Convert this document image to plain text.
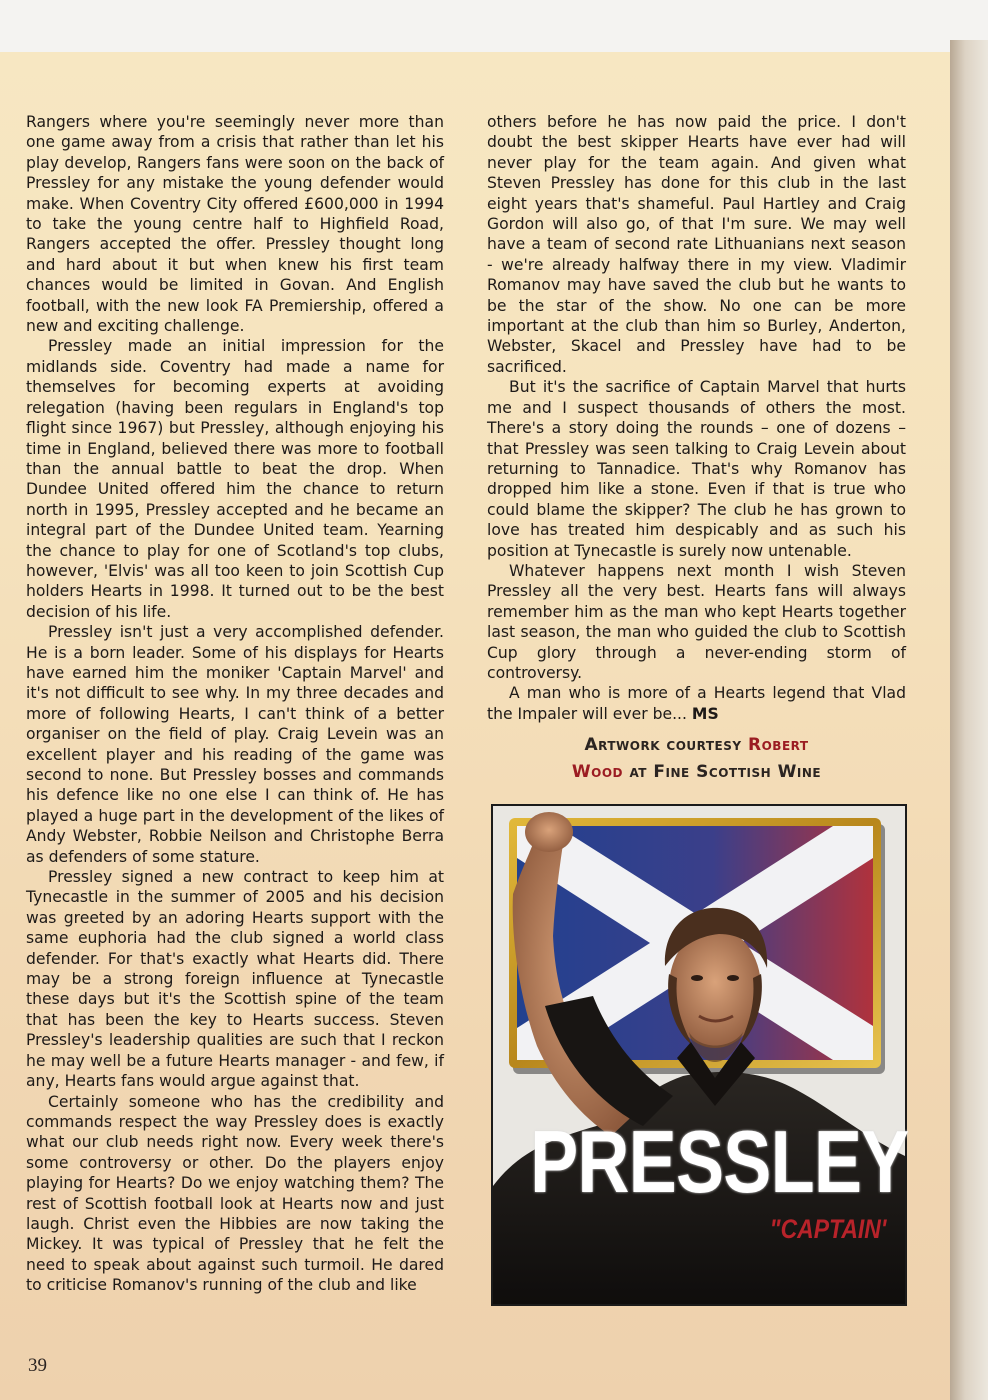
Rangers where you're seemingly never more than one game away from a crisis that rather than let his play develop, Rangers fans were soon on the back of Pressley for any mistake the young defender would make. When Coventry City offered £600,000 in 1994 to take the young centre half to Highfield Road, Rangers accepted the offer. Pressley thought long and hard about it but when knew his first team chances would be limited in Govan. And English football, with the new look FA Premiership, offered a new and exciting challenge.

Pressley made an initial impression for the midlands side. Coventry had made a name for themselves for becoming experts at avoiding relegation (having been regulars in England's top flight since 1967) but Pressley, although enjoying his time in England, believed there was more to football than the annual battle to beat the drop. When Dundee United offered him the chance to return north in 1995, Pressley accepted and he became an integral part of the Dundee United team. Yearning the chance to play for one of Scotland's top clubs, however, 'Elvis' was all too keen to join Scottish Cup holders Hearts in 1998. It turned out to be the best decision of his life.

Pressley isn't just a very accomplished defender. He is a born leader. Some of his displays for Hearts have earned him the moniker 'Captain Marvel' and it's not difficult to see why. In my three decades and more of following Hearts, I can't think of a better organiser on the field of play. Craig Levein was an excellent player and his reading of the game was second to none. But Pressley bosses and commands his defence like no one else I can think of. He has played a huge part in the development of the likes of Andy Webster, Robbie Neilson and Christophe Berra as defenders of some stature.

Pressley signed a new contract to keep him at Tynecastle in the summer of 2005 and his decision was greeted by an adoring Hearts support with the same euphoria had the club signed a world class defender. For that's exactly what Hearts did. There may be a strong foreign influence at Tynecastle these days but it's the Scottish spine of the team that has been the key to Hearts success. Steven Pressley's leadership qualities are such that I reckon he may well be a future Hearts manager - and few, if any, Hearts fans would argue against that.

Certainly someone who has the credibility and commands respect the way Pressley does is exactly what our club needs right now. Every week there's some controversy or other. Do the players enjoy playing for Hearts? Do we enjoy watching them? The rest of Scottish football look at Hearts now and just laugh. Christ even the Hibbies are now taking the Mickey. It was typical of Pressley that he felt the need to speak about against such turmoil. He dared to criticise Romanov's running of the club and like

others before he has now paid the price. I don't doubt the best skipper Hearts have ever had will never play for the team again. And given what Steven Pressley has done for this club in the last eight years that's shameful. Paul Hartley and Craig Gordon will also go, of that I'm sure. We may well have a team of second rate Lithuanians next season - we're already halfway there in my view. Vladimir Romanov may have saved the club but he wants to be the star of the show. No one can be more important at the club than him so Burley, Anderton, Webster, Skacel and Pressley have had to be sacrificed.

But it's the sacrifice of Captain Marvel that hurts me and I suspect thousands of others the most. There's a story doing the rounds – one of dozens – that Pressley was seen talking to Craig Levein about returning to Tannadice. That's why Romanov has dropped him like a stone. Even if that is true who could blame the skipper? The club he has grown to love has treated him despicably and as such his position at Tynecastle is surely now untenable.

Whatever happens next month I wish Steven Pressley all the very best. Hearts fans will always remember him as the man who kept Hearts together last season, the man who guided the club to Scottish Cup glory through a never-ending storm of controversy.

A man who is more of a Hearts legend that Vlad the Impaler will ever be... MS

Artwork courtesy Robert
Wood at Fine Scottish Wine
PRESSLEY
"CAPTAIN'
39
